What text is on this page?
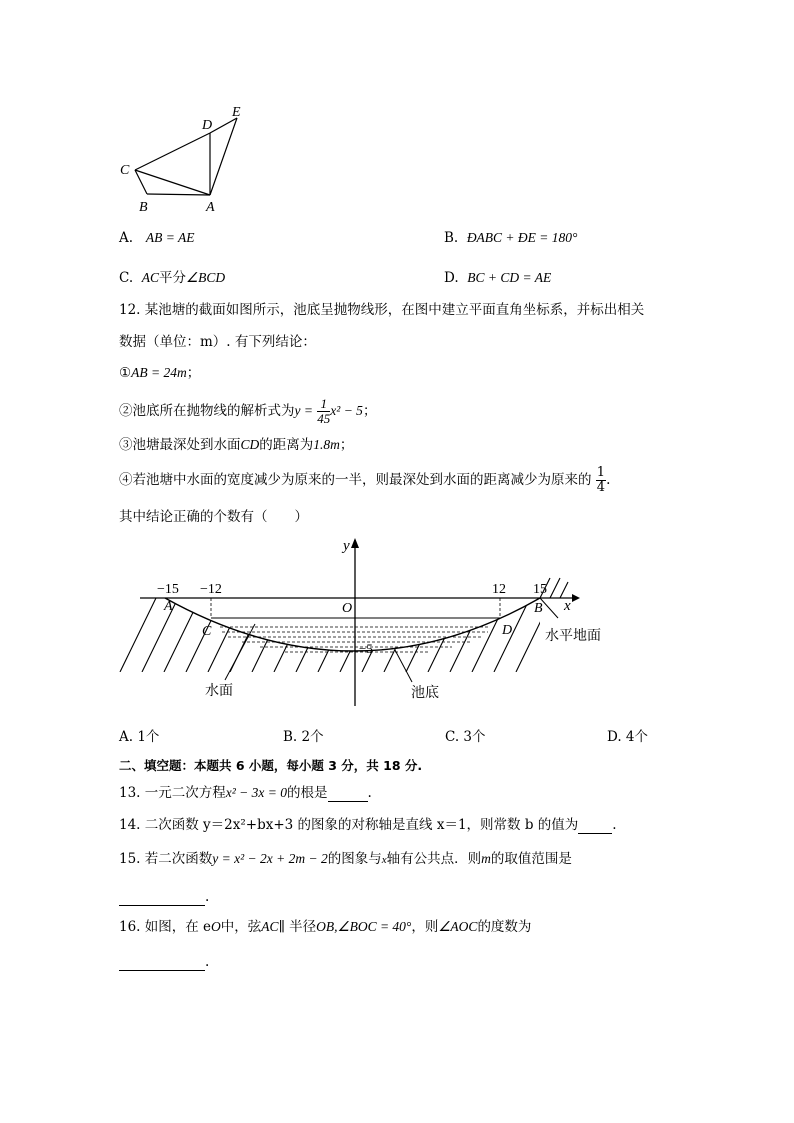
A
B
C
D
E
A. AB = AE	B. ÐABC + ÐE = 180°
C. AC平分∠BCD	D. BC + CD = AE
12. 某池塘的截面如图所示，池底呈抛物线形，在图中建立平面直角坐标系，并标出相关
数据（单位：m）. 有下列结论：
①AB = 24m；
②池底所在抛物线的解析式为$y = \frac{1}{45} x^2 - 5$；
③池塘最深处到水面CD的距离为1.8m；
④若池塘中水面的宽度减少为原来的一半，则最深处到水面的距离减少为原来的 $\frac{1}{4}$ .
其中结论正确的个数有（　　）
y
x
O
−15 −12	12 15
−5
A	B
C	D 水平地面
水面	池底
A. 1个	B. 2个	C. 3个	D. 4个
二、填空题：本题共 6 小题，每小题 3 分，共 18 分.
13. 一元二次方程x² − 3x = 0的根是	.
14. 二次函数 y＝2x²+bx+3 的图象的对称轴是直线 x＝1，则常数 b 的值为	.
15. 若二次函数y = x² − 2x + 2m − 2的图象与x轴有公共点．则m的取值范围是
.
16. 如图，在 eO中，弦AC∥ 半径OB,∠BOC = 40°，则∠AOC的度数为
.
